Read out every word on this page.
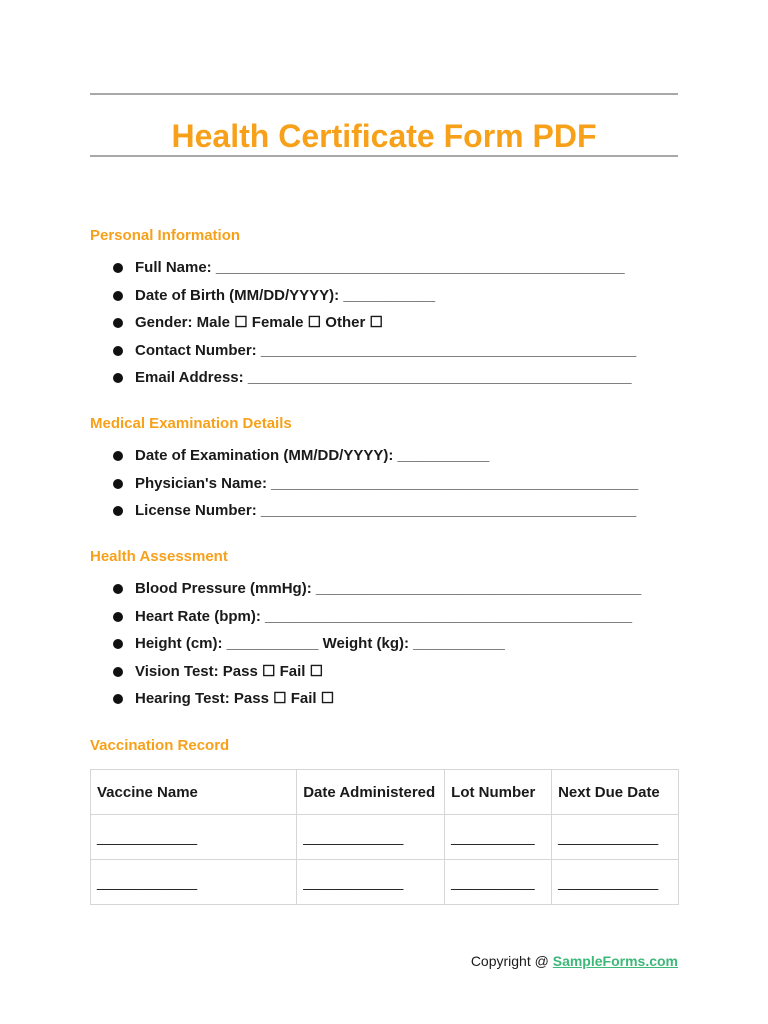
Health Certificate Form PDF
Personal Information
Full Name: _________________________________________________
Date of Birth (MM/DD/YYYY): ___________
Gender: Male ☐ Female ☐ Other ☐
Contact Number: _____________________________________________
Email Address: ______________________________________________
Medical Examination Details
Date of Examination (MM/DD/YYYY): ___________
Physician's Name: ____________________________________________
License Number: _____________________________________________
Health Assessment
Blood Pressure (mmHg): _______________________________________
Heart Rate (bpm): ____________________________________________
Height (cm): ___________ Weight (kg): ___________
Vision Test: Pass ☐ Fail ☐
Hearing Test: Pass ☐ Fail ☐
Vaccination Record
Vaccine Name	Date Administered	Lot Number	Next Due Date
____________	____________	__________	____________
____________	____________	__________	____________
Copyright @ SampleForms.com
